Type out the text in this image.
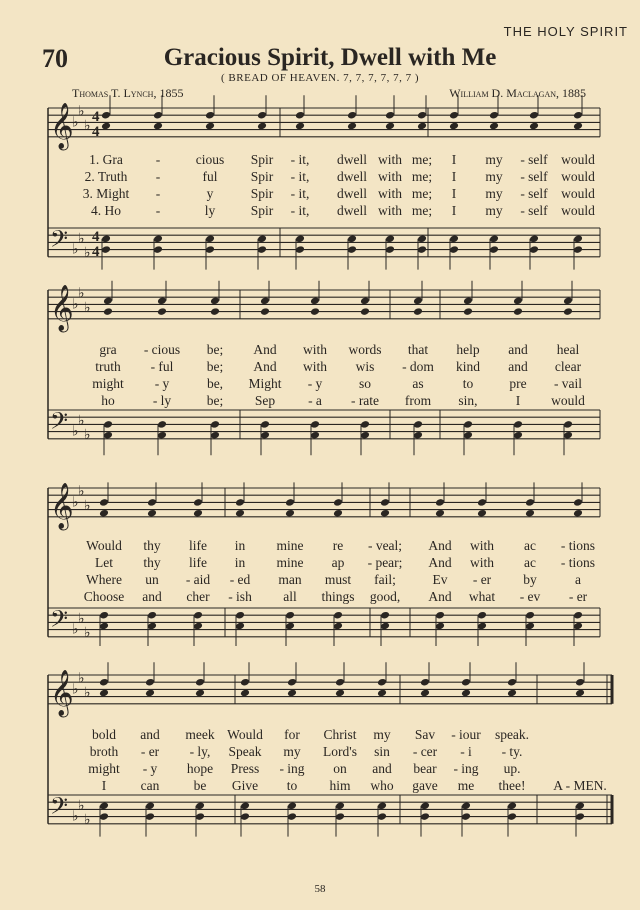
THE HOLY SPIRIT
70	Gracious Spirit, Dwell with Me
( BREAD OF HEAVEN. 7, 7, 7, 7, 7, 7 )
Thomas T. Lynch, 1855	William D. Maclagan, 1885
𝄞
♭
♭
♭
4
4
𝄢 ♭
♭
♭
4
4
1. Gra -	cious Spir - it, dwell with me; I my - self would
2. Truth -	ful Spir - it, dwell with me; I my - self would
3. Might -	y	Spir - it, dwell with me; I my - self would
4. Ho	-	ly	Spir - it, dwell with me; I my - self would
𝄞
♭
♭
♭
𝄢 ♭
♭
♭
gra - cious be; And with words that help and heal
truth - ful be; And with wis - dom kind and clear
might - y	be, Might - y	so	as	to	pre - vail
ho	- ly	be; Sep - a - rate from sin,	I would
𝄞
♭
♭
♭
𝄢 ♭
♭
♭
Would thy life in mine re - veal; And with ac - tions
Let thy life in mine ap - pear; And with ac - tions
Where un - aid - ed man must fail;	Ev - er by	a
Choose and cher - ish all things good, And what - ev - er
𝄞
♭
♭
♭
𝄢 ♭
♭
♭
bold and meek Would for Christ my Sav - iour speak.
broth - er - ly, Speak my Lord's sin - cer - i - ty.
might - y hope Press - ing on and bear - ing up.
I	can	be Give to him who gave me thee! A - MEN.
58
